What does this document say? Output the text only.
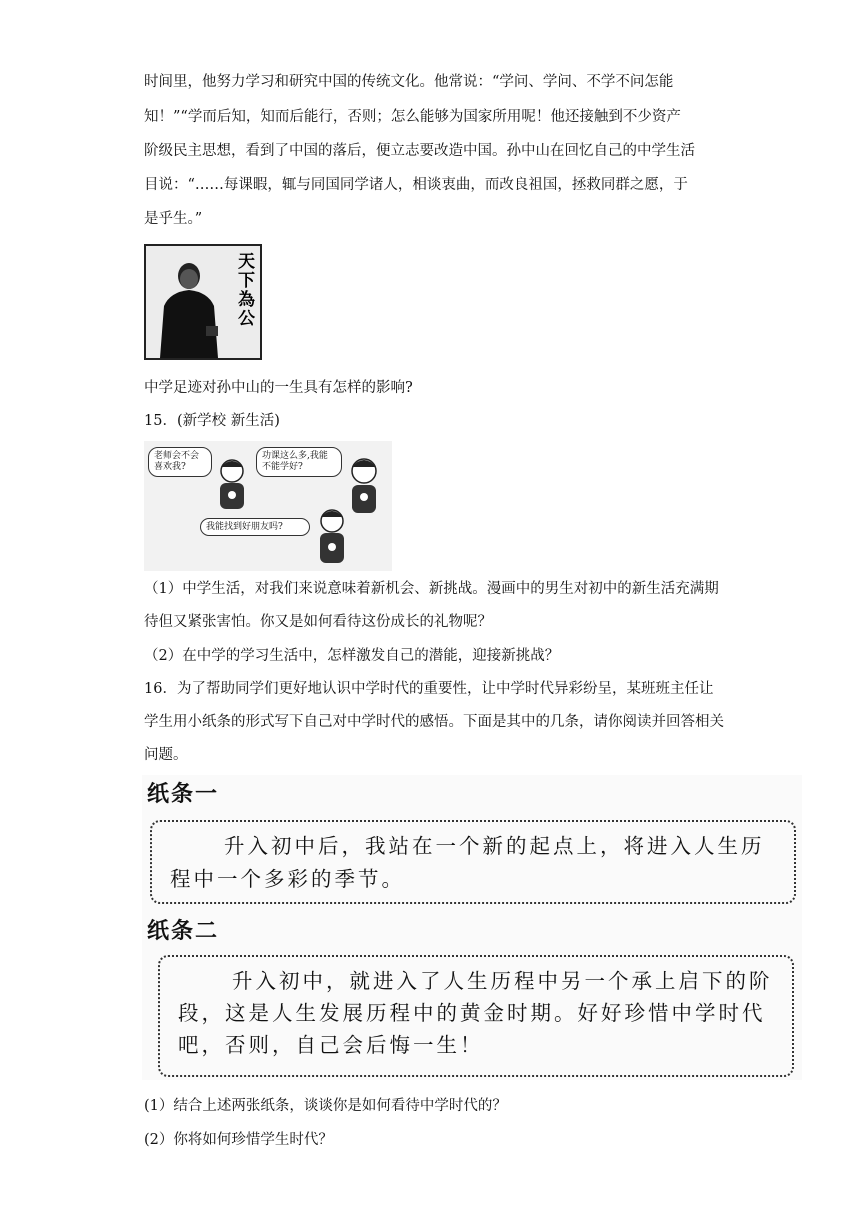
时间里，他努力学习和研究中国的传统文化。他常说：“学问、学问、不学不问怎能
知！”“学而后知，知而后能行，否则；怎么能够为国家所用呢！他还接触到不少资产
阶级民主思想，看到了中国的落后，便立志要改造中国。孙中山在回忆自己的中学生活
目说：“……每课暇，辄与同国同学诸人，相谈衷曲，而改良祖国，拯救同群之愿，于
是乎生。”
天下為公
中学足迹对孙中山的一生具有怎样的影响?
15．(新学校 新生活)
老师会不会喜欢我?
功课这么多,我能不能学好?
我能找到好朋友吗?
（1）中学生活，对我们来说意味着新机会、新挑战。漫画中的男生对初中的新生活充满期待但又紧张害怕。你又是如何看待这份成长的礼物呢？
（2）在中学的学习生活中，怎样激发自己的潜能，迎接新挑战？
16．为了帮助同学们更好地认识中学时代的重要性，让中学时代异彩纷呈，某班班主任让学生用小纸条的形式写下自己对中学时代的感悟。下面是其中的几条，请你阅读并回答相关问题。
纸条一
升入初中后，我站在一个新的起点上，将进入人生历程中一个多彩的季节。
纸条二
升入初中，就进入了人生历程中另一个承上启下的阶段，这是人生发展历程中的黄金时期。好好珍惜中学时代吧，否则，自己会后悔一生！
(1）结合上述两张纸条，谈谈你是如何看待中学时代的？
(2）你将如何珍惜学生时代？
